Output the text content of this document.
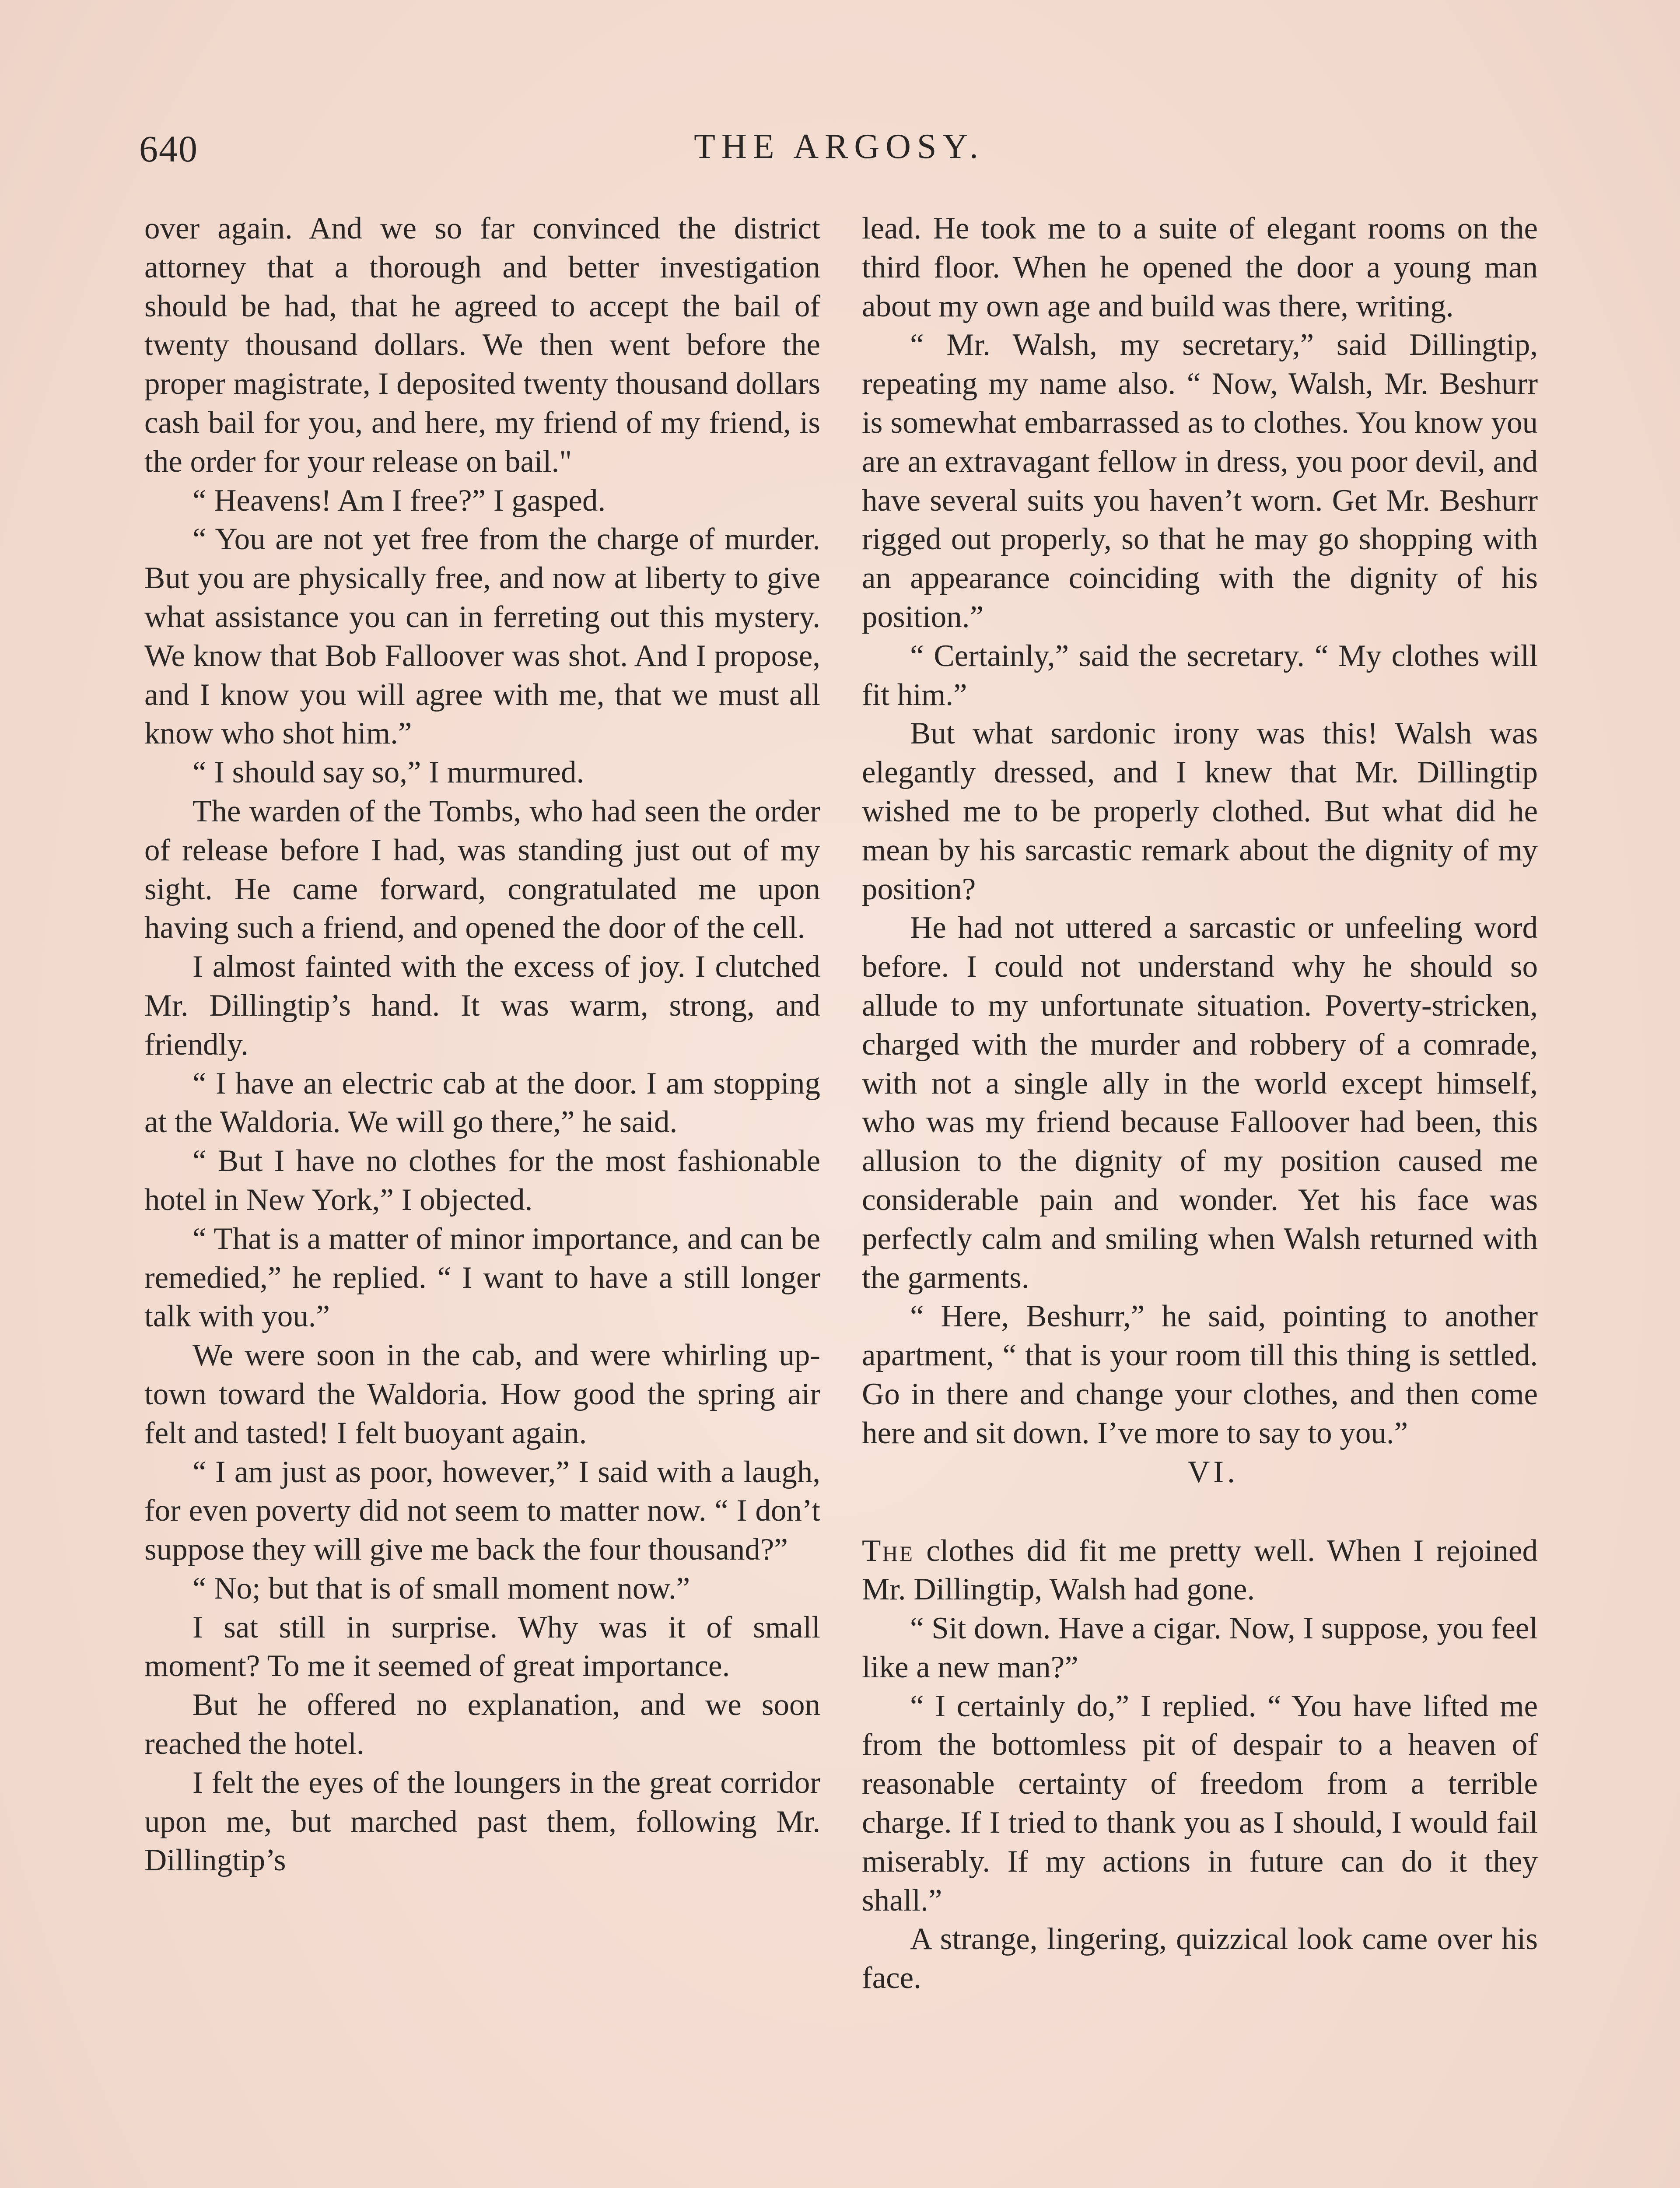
640	THE ARGOSY.

over again. And we so far convinced the district attorney that a thorough and better investigation should be had, that he agreed to accept the bail of twenty thousand dollars. We then went before the proper magistrate, I deposited twenty thousand dollars cash bail for you, and here, my friend of my friend, is the order for your release on bail."

“ Heavens! Am I free?” I gasped.

“ You are not yet free from the charge of murder. But you are physically free, and now at liberty to give what assistance you can in ferreting out this mystery. We know that Bob Falloover was shot. And I propose, and I know you will agree with me, that we must all know who shot him.”

“ I should say so,” I murmured.

The warden of the Tombs, who had seen the order of release before I had, was standing just out of my sight. He came forward, congratulated me upon having such a friend, and opened the door of the cell.

I almost fainted with the excess of joy. I clutched Mr. Dillingtip’s hand. It was warm, strong, and friendly.

“ I have an electric cab at the door. I am stopping at the Waldoria. We will go there,” he said.

“ But I have no clothes for the most fashionable hotel in New York,” I objected.

“ That is a matter of minor importance, and can be remedied,” he replied. “ I want to have a still longer talk with you.”

We were soon in the cab, and were whirling up-town toward the Waldoria. How good the spring air felt and tasted! I felt buoyant again.

“ I am just as poor, however,” I said with a laugh, for even poverty did not seem to matter now. “ I don’t suppose they will give me back the four thousand?”

“ No; but that is of small moment now.”

I sat still in surprise. Why was it of small moment? To me it seemed of great importance.

But he offered no explanation, and we soon reached the hotel.

I felt the eyes of the loungers in the great corridor upon me, but marched past them, following Mr. Dillingtip’s

lead. He took me to a suite of elegant rooms on the third floor. When he opened the door a young man about my own age and build was there, writing.

“ Mr. Walsh, my secretary,” said Dillingtip, repeating my name also. “ Now, Walsh, Mr. Beshurr is somewhat embarrassed as to clothes. You know you are an extravagant fellow in dress, you poor devil, and have several suits you haven’t worn. Get Mr. Beshurr rigged out properly, so that he may go shopping with an appearance coinciding with the dignity of his position.”

“ Certainly,” said the secretary. “ My clothes will fit him.”

But what sardonic irony was this! Walsh was elegantly dressed, and I knew that Mr. Dillingtip wished me to be properly clothed. But what did he mean by his sarcastic remark about the dignity of my position?

He had not uttered a sarcastic or unfeeling word before. I could not understand why he should so allude to my unfortunate situation. Poverty-stricken, charged with the murder and robbery of a comrade, with not a single ally in the world except himself, who was my friend because Falloover had been, this allusion to the dignity of my position caused me considerable pain and wonder. Yet his face was perfectly calm and smiling when Walsh returned with the garments.

“ Here, Beshurr,” he said, pointing to another apartment, “ that is your room till this thing is settled. Go in there and change your clothes, and then come here and sit down. I’ve more to say to you.”

VI.

The clothes did fit me pretty well. When I rejoined Mr. Dillingtip, Walsh had gone.

“ Sit down. Have a cigar. Now, I suppose, you feel like a new man?”

“ I certainly do,” I replied. “ You have lifted me from the bottomless pit of despair to a heaven of reasonable certainty of freedom from a terrible charge. If I tried to thank you as I should, I would fail miserably. If my actions in future can do it they shall.”

A strange, lingering, quizzical look came over his face.
